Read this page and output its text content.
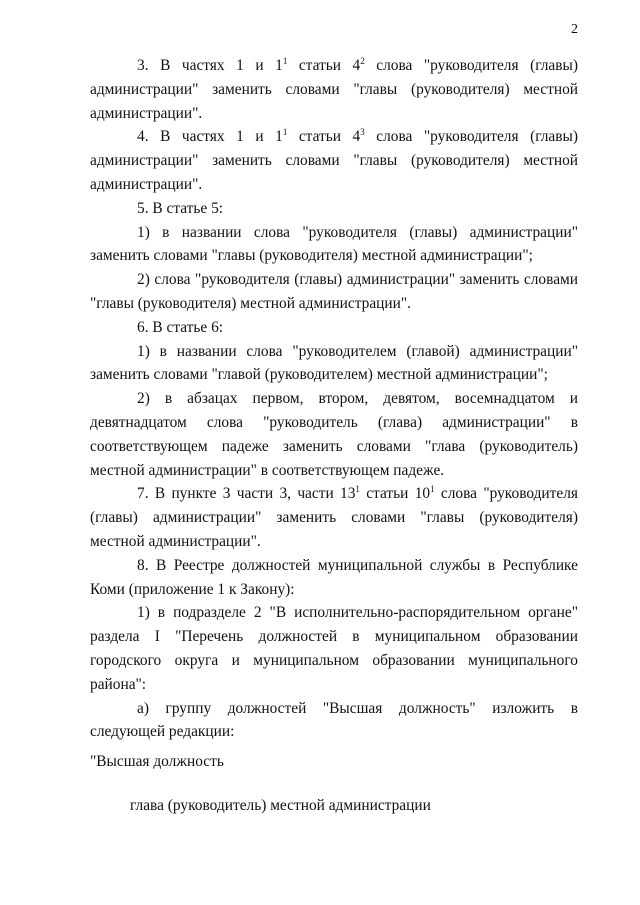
2

3. В частях 1 и $1^1$ статьи $4^2$ слова "руководителя (главы) администрации" заменить словами "главы (руководителя) местной администрации".

4. В частях 1 и $1^1$ статьи $4^3$ слова "руководителя (главы) администрации" заменить словами "главы (руководителя) местной администрации".

5. В статье 5:

1) в названии слова "руководителя (главы) администрации" заменить словами "главы (руководителя) местной администрации";

2) слова "руководителя (главы) администрации" заменить словами "главы (руководителя) местной администрации".

6. В статье 6:

1) в названии слова "руководителем (главой) администрации" заменить словами "главой (руководителем) местной администрации";

2) в абзацах первом, втором, девятом, восемнадцатом и девятнадцатом слова "руководитель (глава) администрации" в соответствующем падеже заменить словами "глава (руководитель) местной администрации" в соответствующем падеже.

7. В пункте 3 части 3, части $13^1$ статьи $10^1$ слова "руководителя (главы) администрации" заменить словами "главы (руководителя) местной администрации".

8. В Реестре должностей муниципальной службы в Республике Коми (приложение 1 к Закону):

1) в подразделе 2 "В исполнительно-распорядительном органе" раздела I "Перечень должностей в муниципальном образовании городского округа и муниципальном образовании муниципального района":

а) группу должностей "Высшая должность" изложить в следующей редакции:

"Высшая должность

глава (руководитель) местной администрации
